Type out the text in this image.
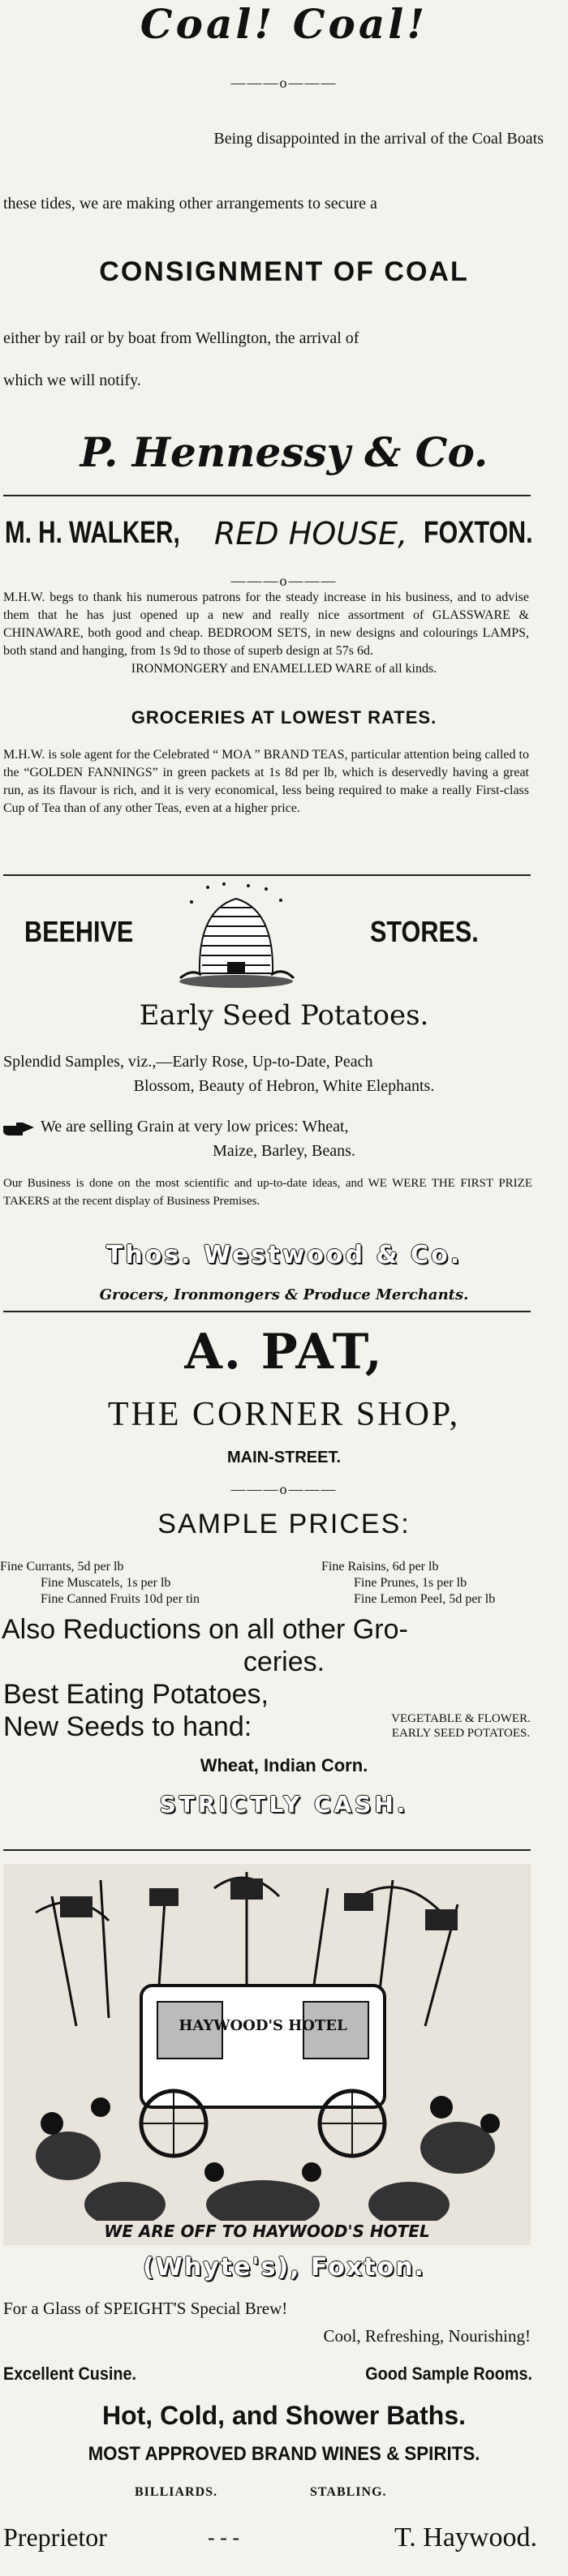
Coal! Coal!
———o———
Being disappointed in the arrival of the Coal Boats
these tides, we are making other arrangements to secure a
CONSIGNMENT OF COAL
either by rail or by boat from Wellington, the arrival of
which we will notify.
P. Hennessy & Co.
M. H. WALKER, RED HOUSE, FOXTON.
———o———
M.H.W. begs to thank his numerous patrons for the steady increase in his business, and to advise them that he has just opened up a new and really nice assortment of GLASSWARE & CHINAWARE, both good and cheap. BEDROOM SETS, in new designs and colourings LAMPS, both stand and hanging, from 1s 9d to those of superb design at 57s 6d.
IRONMONGERY and ENAMELLED WARE of all kinds.
GROCERIES AT LOWEST RATES.
M.H.W. is sole agent for the Celebrated “ MOA ” BRAND TEAS, particular attention being called to the “GOLDEN FANNINGS” in green packets at 1s 8d per lb, which is deservedly having a great run, as its flavour is rich, and it is very economical, less being required to make a really First-class Cup of Tea than of any other Teas, even at a higher price.
BEEHIVE	STORES.
Early Seed Potatoes.
Splendid Samples, viz.,—Early Rose, Up-to-Date, Peach
Blossom, Beauty of Hebron, White Elephants.
We are selling Grain at very low prices: Wheat,
Maize, Barley, Beans.
Our Business is done on the most scientific and up-to-date ideas, and WE WERE THE FIRST PRIZE TAKERS at the recent display of Business Premises.
Thos. Westwood & Co.
Grocers, Ironmongers & Produce Merchants.
A. PAT,
THE CORNER SHOP,
MAIN-STREET.
———o———
SAMPLE PRICES:
Fine Currants, 5d per lb
Fine Muscatels, 1s per lb
Fine Canned Fruits 10d per tin
Fine Raisins, 6d per lb
Fine Prunes, 1s per lb
Fine Lemon Peel, 5d per lb
Also Reductions on all other Gro-
ceries.
Best Eating Potatoes,
New Seeds to hand:	VEGETABLE & FLOWER.
EARLY SEED POTATOES.
Wheat, Indian Corn.
STRICTLY CASH.
HAYWOOD'S HOTEL
WE ARE OFF TO HAYWOOD'S HOTEL
(Whyte's), Foxton.
For a Glass of SPEIGHT'S Special Brew!
Cool, Refreshing, Nourishing!
Excellent Cusine.	Good Sample Rooms.
Hot, Cold, and Shower Baths.
MOST APPROVED BRAND WINES & SPIRITS.
BILLIARDS.	STABLING.
Preprietor	- - -	T. Haywood.
